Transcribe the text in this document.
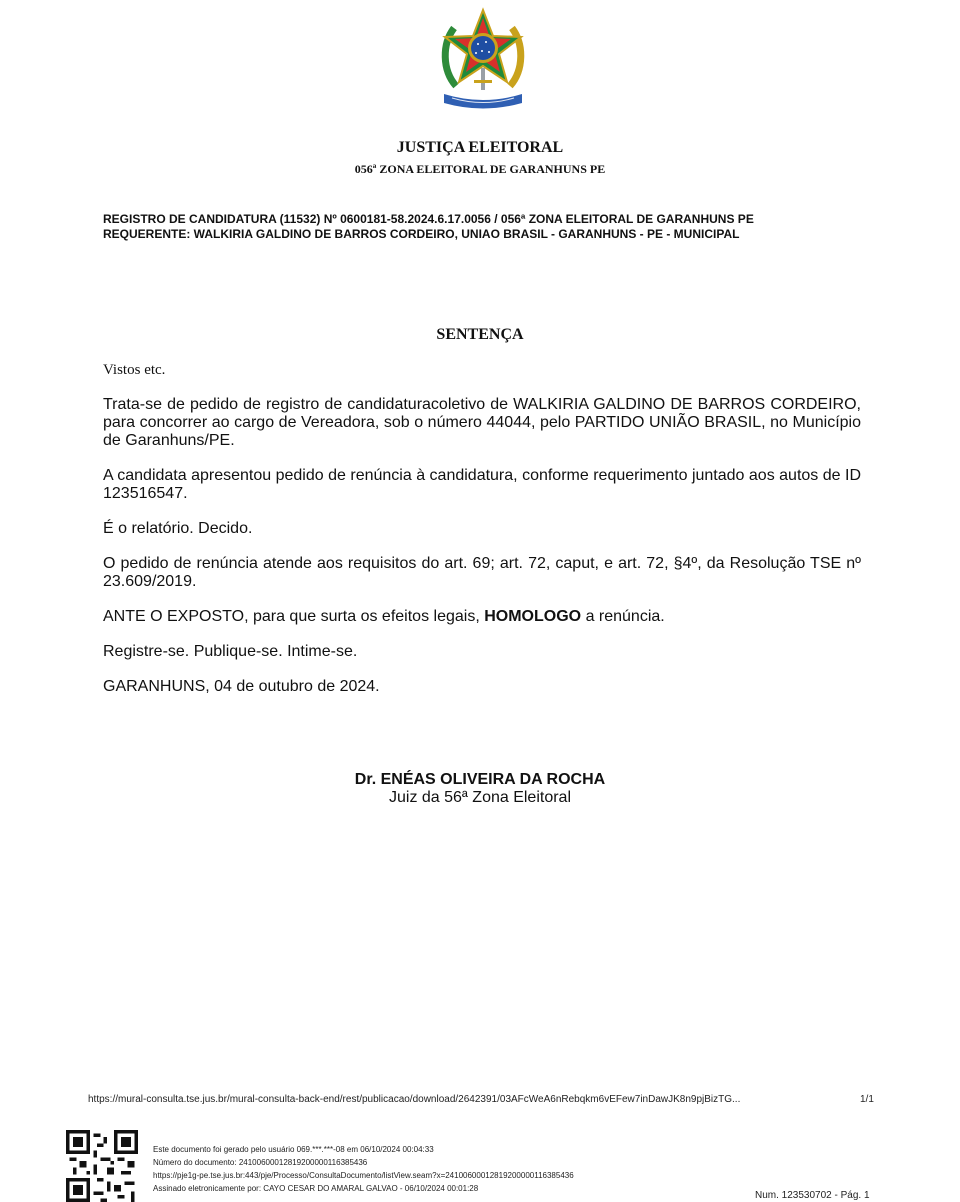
JUSTIÇA ELEITORAL
056ª ZONA ELEITORAL DE GARANHUNS PE
REGISTRO DE CANDIDATURA (11532) Nº 0600181-58.2024.6.17.0056 / 056ª ZONA ELEITORAL DE GARANHUNS PE
REQUERENTE: WALKIRIA GALDINO DE BARROS CORDEIRO, UNIAO BRASIL - GARANHUNS - PE - MUNICIPAL
SENTENÇA

Vistos etc.

Trata-se de pedido de registro de candidaturacoletivo de WALKIRIA GALDINO DE BARROS CORDEIRO, para concorrer ao cargo de Vereadora, sob o número 44044, pelo PARTIDO UNIÃO BRASIL, no Município de Garanhuns/PE.

A candidata apresentou pedido de renúncia à candidatura, conforme requerimento juntado aos autos de ID 123516547.

É o relatório. Decido.

O pedido de renúncia atende aos requisitos do art. 69; art. 72, caput, e art. 72, §4º, da Resolução TSE nº 23.609/2019.

ANTE O EXPOSTO, para que surta os efeitos legais, HOMOLOGO a renúncia.

Registre-se. Publique-se. Intime-se.

GARANHUNS, 04 de outubro de 2024.

Dr. ENÉAS OLIVEIRA DA ROCHA
Juiz da 56ª Zona Eleitoral
https://mural-consulta.tse.jus.br/mural-consulta-back-end/rest/publicacao/download/2642391/03AFcWeA6nRebqkm6vEFew7inDawJK8n9pjBizTG...	1/1
Este documento foi gerado pelo usuário 069.***.***-08 em 06/10/2024 00:04:33
Número do documento: 24100600012819200000116385436
https://pje1g-pe.tse.jus.br:443/pje/Processo/ConsultaDocumento/listView.seam?x=24100600012819200000116385436
Assinado eletronicamente por: CAYO CESAR DO AMARAL GALVAO - 06/10/2024 00:01:28
Num. 123530702 - Pág. 1
